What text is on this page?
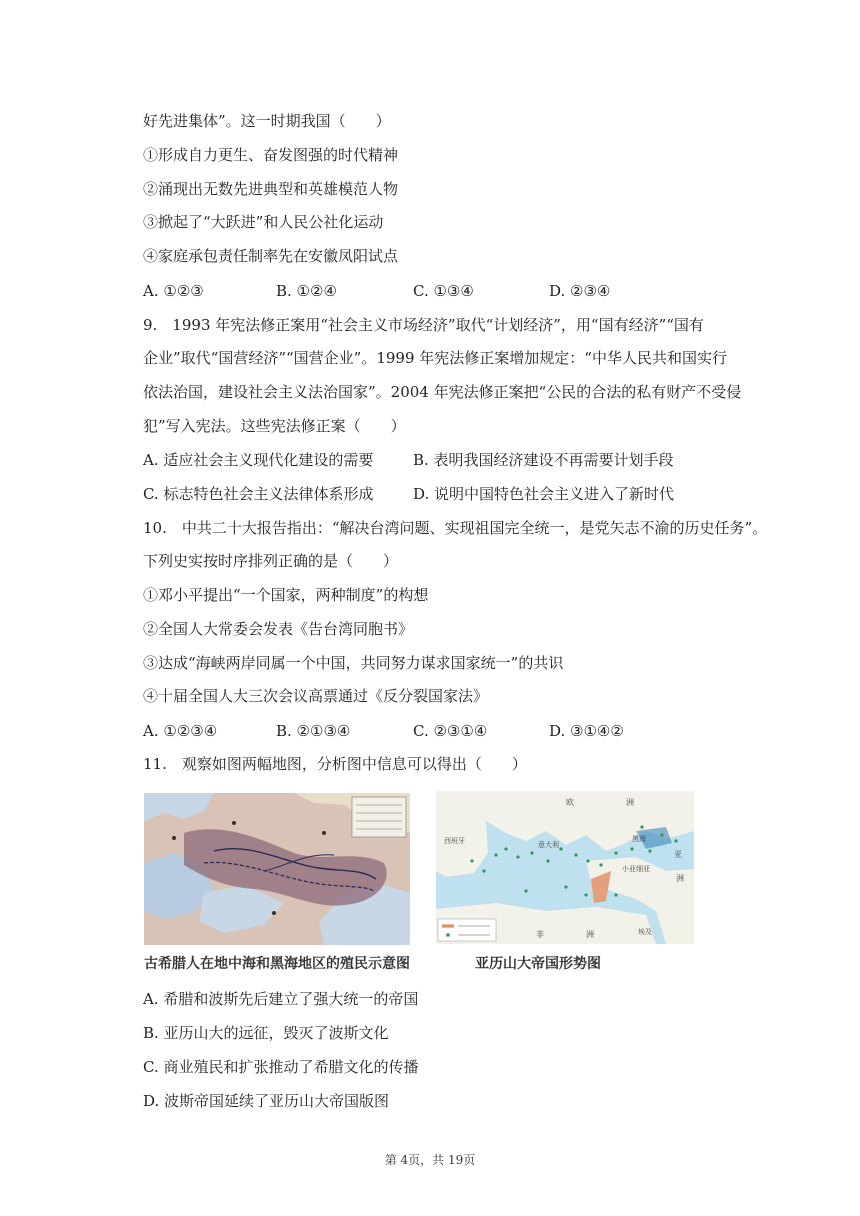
好先进集体”。这一时期我国（　　）
①形成自力更生、奋发图强的时代精神
②涌现出无数先进典型和英雄模范人物
③掀起了“大跃进”和人民公社化运动
④家庭承包责任制率先在安徽凤阳试点
A. ①②③	B. ①②④	C. ①③④	D. ②③④
9.　1993 年宪法修正案用“社会主义市场经济”取代“计划经济”，用“国有经济”“国有
企业”取代“国营经济”“国营企业”。1999 年宪法修正案增加规定：“中华人民共和国实行
依法治国，建设社会主义法治国家”。2004 年宪法修正案把“公民的合法的私有财产不受侵
犯”写入宪法。这些宪法修正案（　　）
A. 适应社会主义现代化建设的需要	B. 表明我国经济建设不再需要计划手段
C. 标志特色社会主义法律体系形成	D. 说明中国特色社会主义进入了新时代
10.　中共二十大报告指出：“解决台湾问题、实现祖国完全统一，是党矢志不渝的历史任务”。
下列史实按时序排列正确的是（　　）
①邓小平提出“一个国家，两种制度”的构想
②全国人大常委会发表《告台湾同胞书》
③达成“海峡两岸同属一个中国，共同努力谋求国家统一”的共识
④十届全国人大三次会议高票通过《反分裂国家法》
A. ①②③④	B. ②①③④	C. ②③①④	D. ③①④②
11.　观察如图两幅地图，分析图中信息可以得出（　　）
欧	洲
西班牙	意大利
黑海
小亚细亚
亚
洲
埃及
非	洲
古希腊人在地中海和黑海地区的殖民示意图	亚历山大帝国形势图
A. 希腊和波斯先后建立了强大统一的帝国
B. 亚历山大的远征，毁灭了波斯文化
C. 商业殖民和扩张推动了希腊文化的传播
D. 波斯帝国延续了亚历山大帝国版图
第 4页，共 19页
